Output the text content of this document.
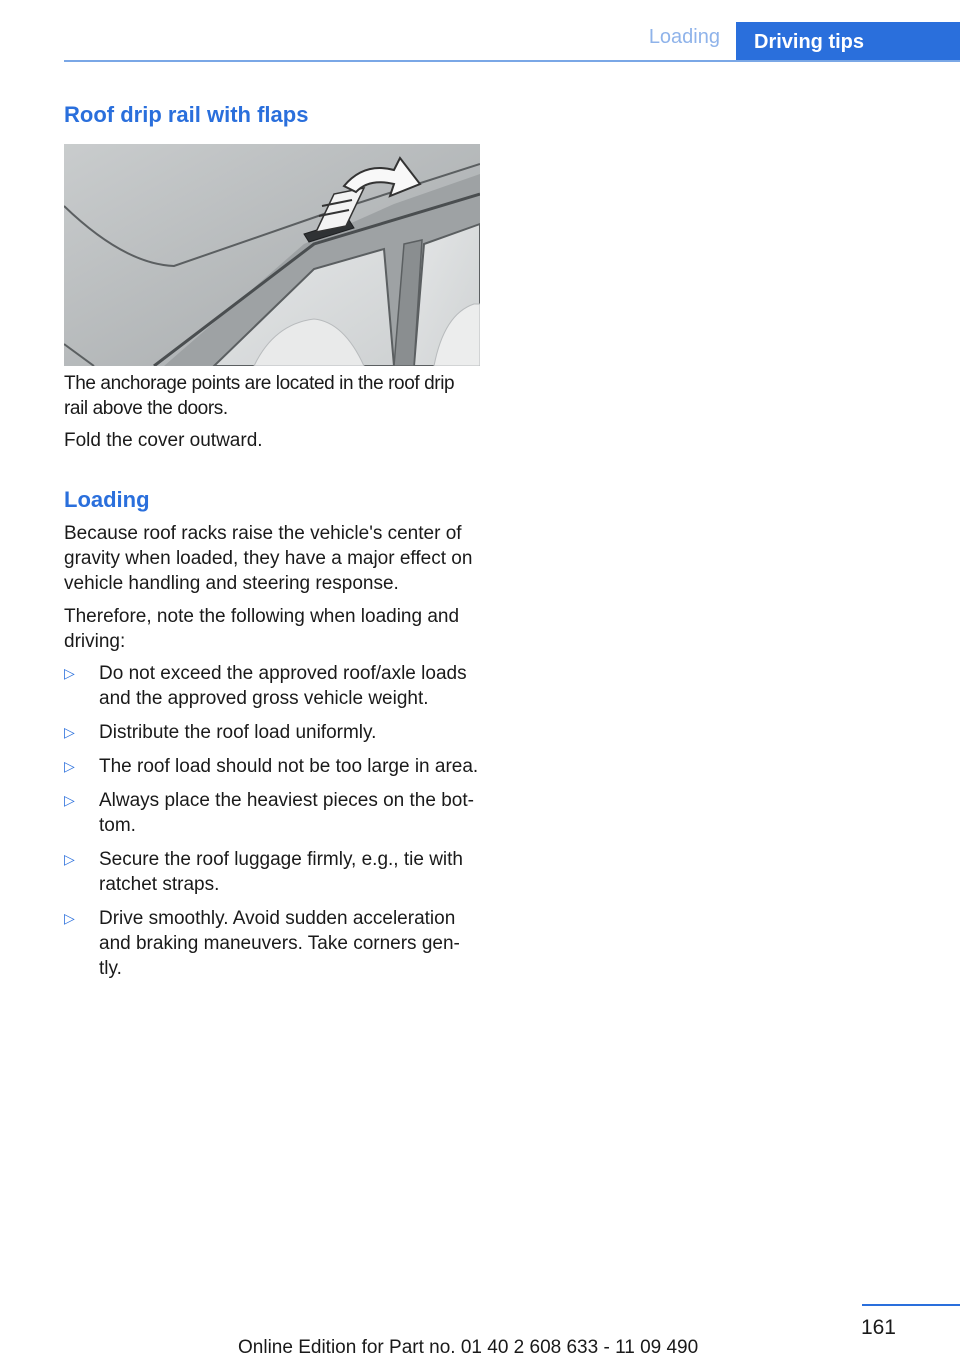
Loading	Driving tips
Roof drip rail with flaps

The anchorage points are located in the roof drip rail above the doors.

Fold the cover outward.

Loading

Because roof racks raise the vehicle's center of gravity when loaded, they have a major effect on vehicle handling and steering response.

Therefore, note the following when loading and driving:

▷ Do not exceed the approved roof/axle loads and the approved gross vehicle weight.
▷ Distribute the roof load uniformly.
▷ The roof load should not be too large in area.
▷ Always place the heaviest pieces on the bot- tom.
▷ Secure the roof luggage firmly, e.g., tie with ratchet straps.
▷ Drive smoothly. Avoid sudden acceleration and braking maneuvers. Take corners gen- tly.
161
Online Edition for Part no. 01 40 2 608 633 - 11 09 490
